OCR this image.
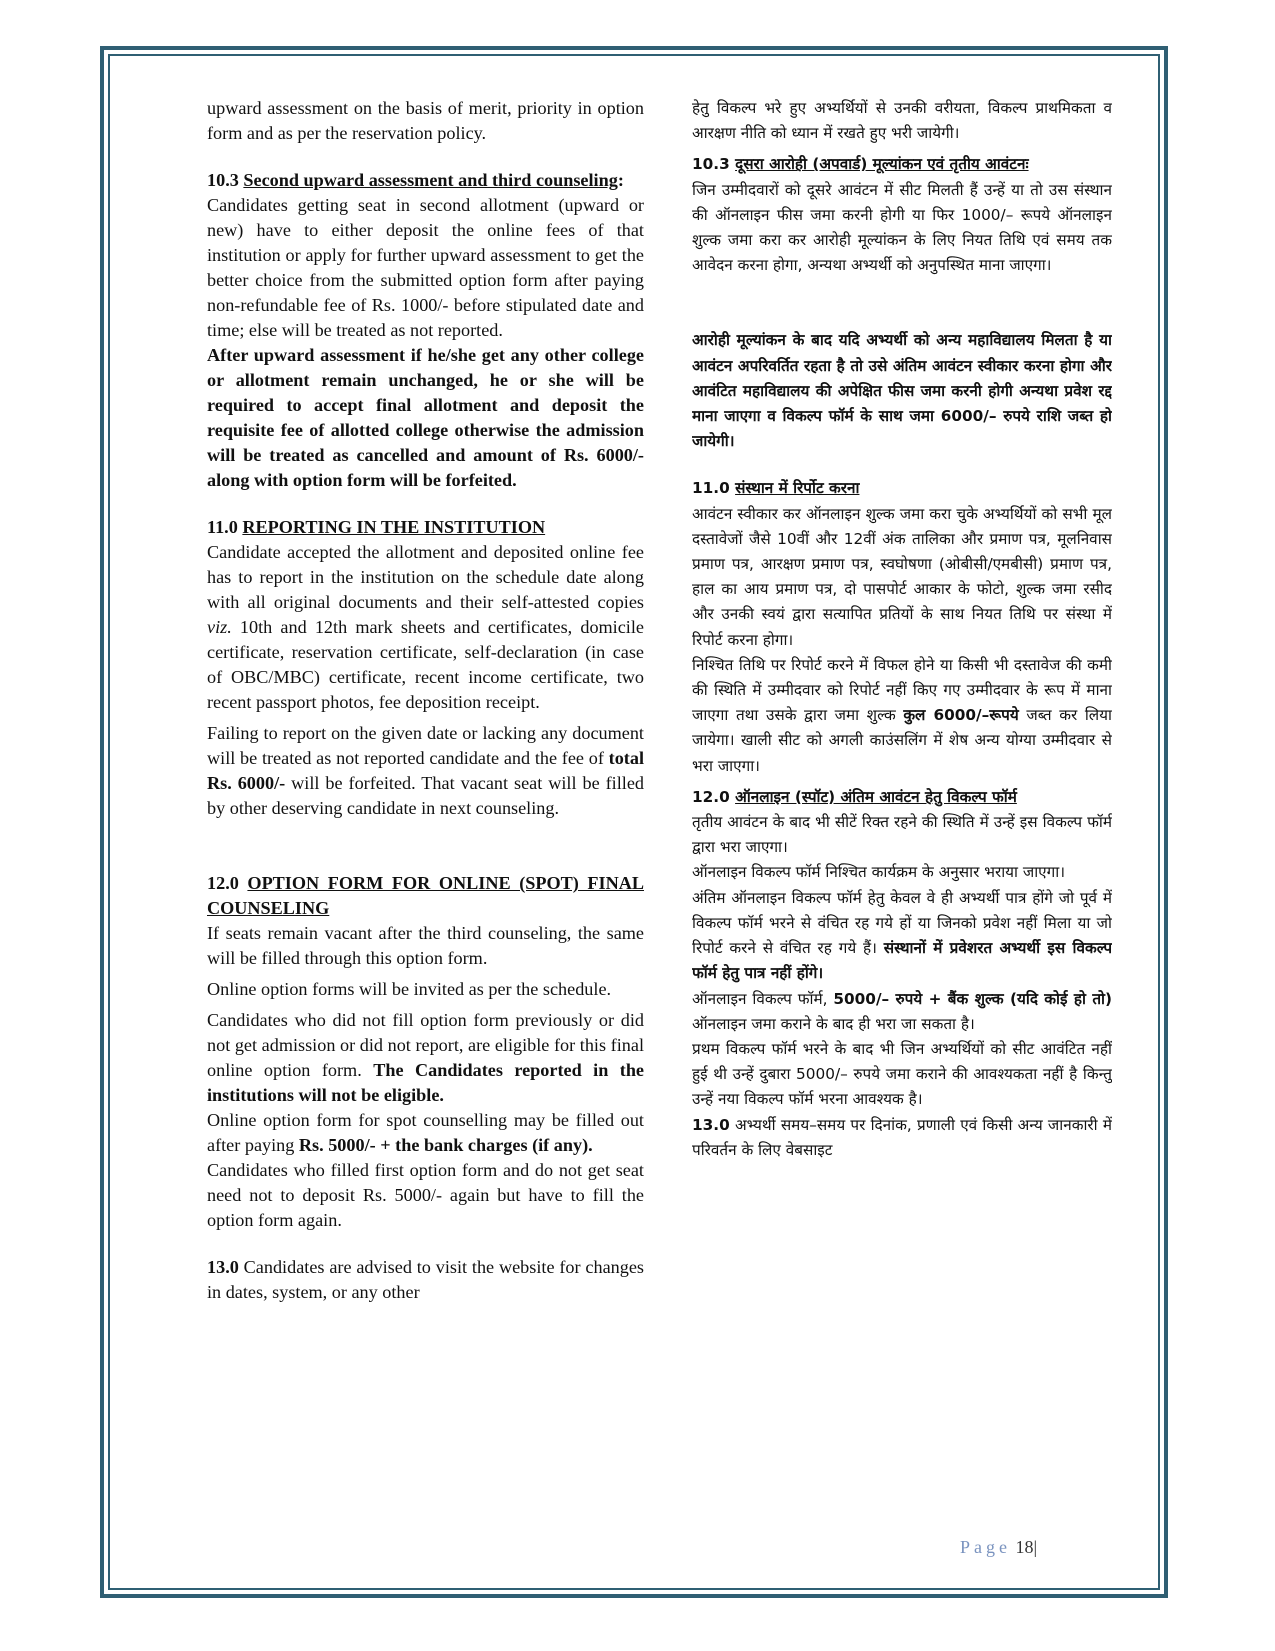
upward assessment on the basis of merit, priority in option form and as per the reservation policy.

10.3 Second upward assessment and third counseling:

Candidates getting seat in second allotment (upward or new) have to either deposit the online fees of that institution or apply for further upward assessment to get the better choice from the submitted option form after paying non-refundable fee of Rs. 1000/- before stipulated date and time; else will be treated as not reported.

After upward assessment if he/she get any other college or allotment remain unchanged, he or she will be required to accept final allotment and deposit the requisite fee of allotted college otherwise the admission will be treated as cancelled and amount of Rs. 6000/- along with option form will be forfeited.

11.0 REPORTING IN THE INSTITUTION

Candidate accepted the allotment and deposited online fee has to report in the institution on the schedule date along with all original documents and their self-attested copies viz. 10th and 12th mark sheets and certificates, domicile certificate, reservation certificate, self-declaration (in case of OBC/MBC) certificate, recent income certificate, two recent passport photos, fee deposition receipt.

Failing to report on the given date or lacking any document will be treated as not reported candidate and the fee of total Rs. 6000/- will be forfeited. That vacant seat will be filled by other deserving candidate in next counseling.

12.0 OPTION FORM FOR ONLINE (SPOT) FINAL COUNSELING

If seats remain vacant after the third counseling, the same will be filled through this option form.

Online option forms will be invited as per the schedule.

Candidates who did not fill option form previously or did not get admission or did not report, are eligible for this final online option form. The Candidates reported in the institutions will not be eligible.

Online option form for spot counselling may be filled out after paying Rs. 5000/- + the bank charges (if any).

Candidates who filled first option form and do not get seat need not to deposit Rs. 5000/- again but have to fill the option form again.

13.0 Candidates are advised to visit the website for changes in dates, system, or any other

हेतु विकल्प भरे हुए अभ्यर्थियों से उनकी वरीयता, विकल्प प्राथमिकता व आरक्षण नीति को ध्यान में रखते हुए भरी जायेगी।

10.3 दूसरा आरोही (अपवार्ड) मूल्यांकन एवं तृतीय आवंटनः

जिन उम्मीदवारों को दूसरे आवंटन में सीट मिलती हैं उन्हें या तो उस संस्थान की ऑनलाइन फीस जमा करनी होगी या फिर 1000/– रूपये ऑनलाइन शुल्क जमा करा कर आरोही मूल्यांकन के लिए नियत तिथि एवं समय तक आवेदन करना होगा, अन्यथा अभ्यर्थी को अनुपस्थित माना जाएगा।

आरोही मूल्यांकन के बाद यदि अभ्यर्थी को अन्य महाविद्यालय मिलता है या आवंटन अपरिवर्तित रहता है तो उसे अंतिम आवंटन स्वीकार करना होगा और आवंटित महाविद्यालय की अपेक्षित फीस जमा करनी होगी अन्यथा प्रवेश रद्द माना जाएगा व विकल्प फॉर्म के साथ जमा 6000/– रुपये राशि जब्त हो जायेगी।

11.0 संस्थान में रिर्पोट करना

आवंटन स्वीकार कर ऑनलाइन शुल्क जमा करा चुके अभ्यर्थियों को सभी मूल दस्तावेजों जैसे 10वीं और 12वीं अंक तालिका और प्रमाण पत्र, मूलनिवास प्रमाण पत्र, आरक्षण प्रमाण पत्र, स्वघोषणा (ओबीसी/एमबीसी) प्रमाण पत्र, हाल का आय प्रमाण पत्र, दो पासपोर्ट आकार के फोटो, शुल्क जमा रसीद और उनकी स्वयं द्वारा सत्यापित प्रतियों के साथ नियत तिथि पर संस्था में रिपोर्ट करना होगा।

निश्चित तिथि पर रिपोर्ट करने में विफल होने या किसी भी दस्तावेज की कमी की स्थिति में उम्मीदवार को रिपोर्ट नहीं किए गए उम्मीदवार के रूप में माना जाएगा तथा उसके द्वारा जमा शुल्क कुल 6000/–रूपये जब्त कर लिया जायेगा। खाली सीट को अगली काउंसलिंग में शेष अन्य योग्या उम्मीदवार से भरा जाएगा।

12.0 ऑनलाइन (स्पॉट) अंतिम आवंटन हेतु विकल्प फॉर्म

तृतीय आवंटन के बाद भी सीटें रिक्त रहने की स्थिति में उन्हें इस विकल्प फॉर्म द्वारा भरा जाएगा।

ऑनलाइन विकल्प फॉर्म निश्चित कार्यक्रम के अनुसार भराया जाएगा।

अंतिम ऑनलाइन विकल्प फॉर्म हेतु केवल वे ही अभ्यर्थी पात्र होंगे जो पूर्व में विकल्प फॉर्म भरने से वंचित रह गये हों या जिनको प्रवेश नहीं मिला या जो रिपोर्ट करने से वंचित रह गये हैं। संस्थानों में प्रवेशरत अभ्यर्थी इस विकल्प फॉर्म हेतु पात्र नहीं होंगे।

ऑनलाइन विकल्प फॉर्म, 5000/– रुपये + बैंक शुल्क (यदि कोई हो तो) ऑनलाइन जमा कराने के बाद ही भरा जा सकता है।

प्रथम विकल्प फॉर्म भरने के बाद भी जिन अभ्यर्थियों को सीट आवंटित नहीं हुई थी उन्हें दुबारा 5000/– रुपये जमा कराने की आवश्यकता नहीं है किन्तु उन्हें नया विकल्प फॉर्म भरना आवश्यक है।

13.0 अभ्यर्थी समय–समय पर दिनांक, प्रणाली एवं किसी अन्य जानकारी में परिवर्तन के लिए वेबसाइट

Page 18|
